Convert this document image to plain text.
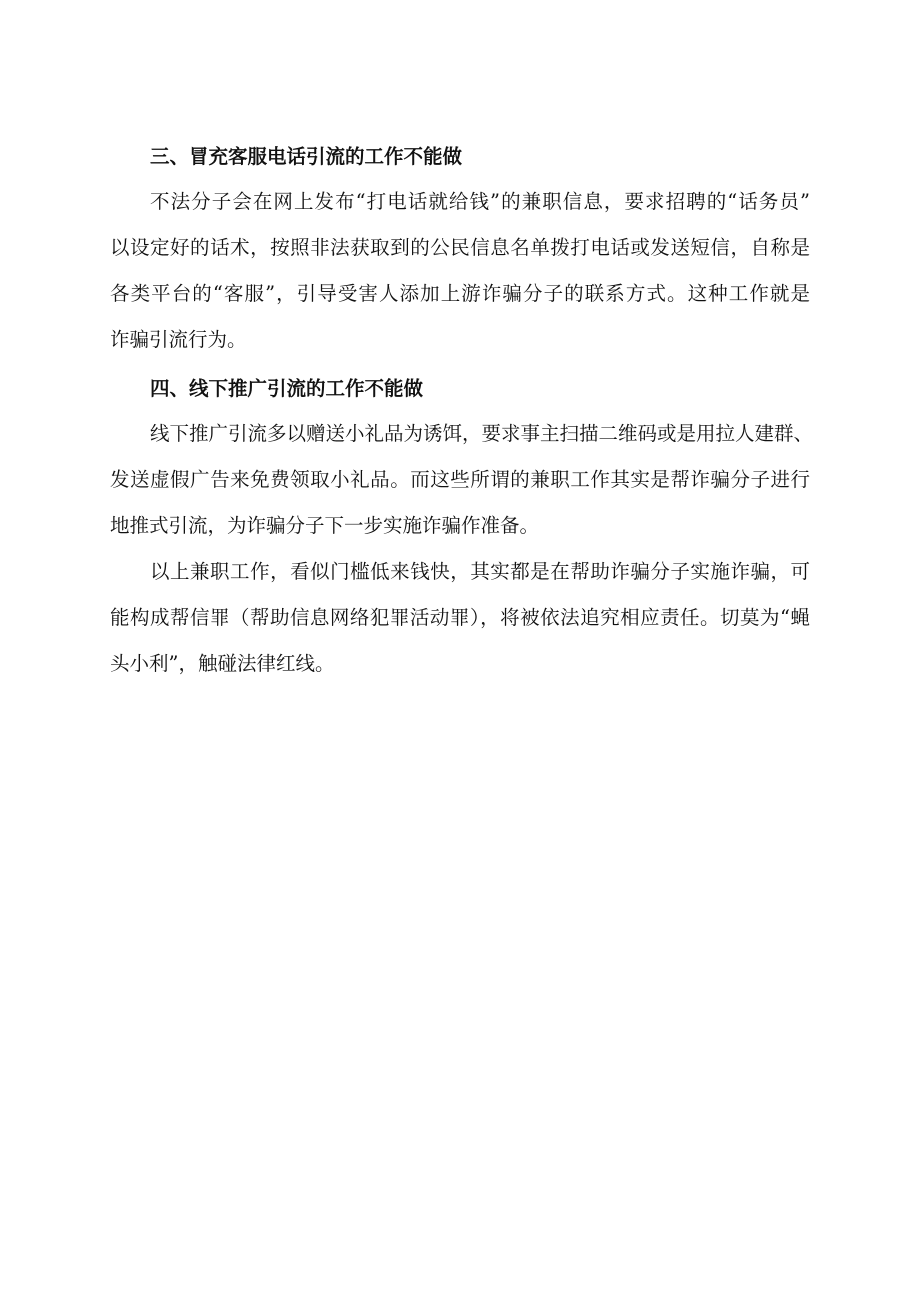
三、冒充客服电话引流的工作不能做

不法分子会在网上发布“打电话就给钱”的兼职信息，要求招聘的“话务员”
以设定好的话术，按照非法获取到的公民信息名单拨打电话或发送短信，自称是
各类平台的“客服”，引导受害人添加上游诈骗分子的联系方式。这种工作就是
诈骗引流行为。

四、线下推广引流的工作不能做

线下推广引流多以赠送小礼品为诱饵，要求事主扫描二维码或是用拉人建群、
发送虚假广告来免费领取小礼品。而这些所谓的兼职工作其实是帮诈骗分子进行
地推式引流，为诈骗分子下一步实施诈骗作准备。

以上兼职工作，看似门槛低来钱快，其实都是在帮助诈骗分子实施诈骗，可
能构成帮信罪（帮助信息网络犯罪活动罪），将被依法追究相应责任。切莫为“蝇
头小利”，触碰法律红线。
